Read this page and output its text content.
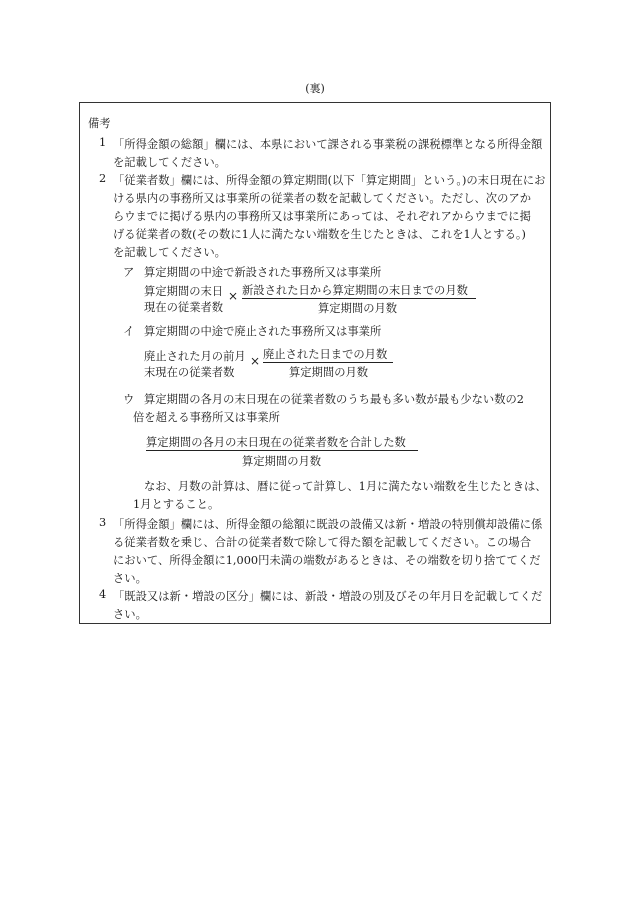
(裏)
備考
1 「所得金額の総額」欄には、本県において課される事業税の課税標準となる所得金額
を記載してください。
2 「従業者数」欄には、所得金額の算定期間(以下「算定期間」という。)の末日現在にお
ける県内の事務所又は事業所の従業者の数を記載してください。ただし、次のアか
らウまでに掲げる県内の事務所又は事業所にあっては、それぞれアからウまでに掲
げる従業者の数(その数に1人に満たない端数を生じたときは、これを1人とする。)
を記載してください。
ア 算定期間の中途で新設された事務所又は事業所
算定期間の末日
現在の従業者数
× 新設された日から算定期間の末日までの月数
算定期間の月数
イ 算定期間の中途で廃止された事務所又は事業所
廃止された月の前月
末現在の従業者数
× 廃止された日までの月数
算定期間の月数
ウ 算定期間の各月の末日現在の従業者数のうち最も多い数が最も少ない数の2
倍を超える事務所又は事業所
算定期間の各月の末日現在の従業者数を合計した数
算定期間の月数
なお、月数の計算は、暦に従って計算し、1月に満たない端数を生じたときは、
1月とすること。
3 「所得金額」欄には、所得金額の総額に既設の設備又は新・増設の特別償却設備に係
る従業者数を乗じ、合計の従業者数で除して得た額を記載してください。この場合
において、所得金額に1,000円未満の端数があるときは、その端数を切り捨ててくだ
さい。
4 「既設又は新・増設の区分」欄には、新設・増設の別及びその年月日を記載してくだ
さい。
